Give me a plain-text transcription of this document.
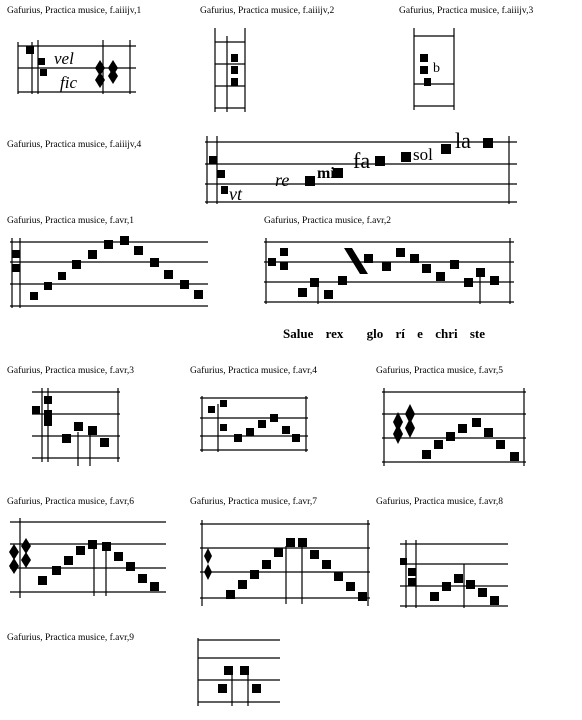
Gafurius, Practica musice, f.aiiijv,1	Gafurius, Practica musice, f.aiiijv,2	Gafurius, Practica musice, f.aiiijv,3
Gafurius, Practica musice, f.aiiijv,4
Gafurius, Practica musice, f.avr,1	Gafurius, Practica musice, f.avr,2
Gafurius, Practica musice, f.avr,3	Gafurius, Practica musice, f.avr,4	Gafurius, Practica musice, f.avr,5
Gafurius, Practica musice, f.avr,6	Gafurius, Practica musice, f.avr,7	Gafurius, Practica musice, f.avr,8
Gafurius, Practica musice, f.avr,9
vel
fic
b
vt
re mi
fa	sol
la
Salue rex glo rí e chri ste
